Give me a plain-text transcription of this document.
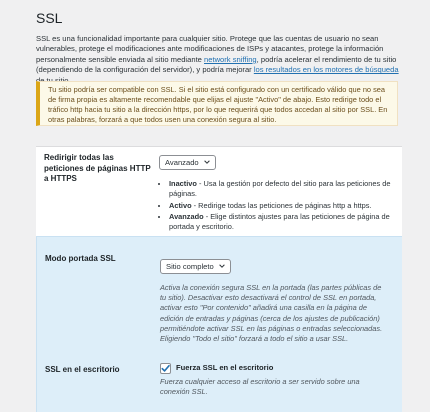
SSL
SSL es una funcionalidad importante para cualquier sitio. Protege que las cuentas de usuario no sean vulnerables, protege el modificaciones ante modificaciones de ISPs y atacantes, protege la información personalmente sensible enviada al sitio mediante network sniffing, podría acelerar el rendimiento de tu sitio (dependiendo de la configuración del servidor), y podría mejorar los resultados en los motores de búsqueda
Tu sitio podría ser compatible con SSL. Si el sitio está configurado con un certificado válido que no sea de firma propia es altamente recomendable que elijas el ajuste "Activo" de abajo. Esto redirige todo el tráfico http hacia tu sitio a la dirección https, por lo que requerirá que todos accedan al sitio por SSL. En otras palabras, forzará a que todos usen una conexión segura al sitio.
Redirigir todas las peticiones de páginas HTTP a HTTPS
Avanzado
• Inactivo - Usa la gestión por defecto del sitio para las peticiones de páginas.
• Activo - Redirige todas las peticiones de páginas http a https.
• Avanzado - Elige distintos ajustes para las peticiones de página de portada y escritorio.
Modo portada SSL
Sitio completo
Activa la conexión segura SSL en la portada (las partes públicas de tu sitio). Desactivar esto desactivará el control de SSL en portada, activar esto "Por contenido" añadirá una casilla en la página de edición de entradas y páginas (cerca de los ajustes de publicación) permitiéndote activar SSL en las páginas o entradas seleccionadas. Eligiendo "Todo el sitio" forzará a todo el sitio a usar SSL.
SSL en el escritorio	Fuerza SSL en el escritorio
Fuerza cualquier acceso al escritorio a ser servido sobre una conexión SSL.
